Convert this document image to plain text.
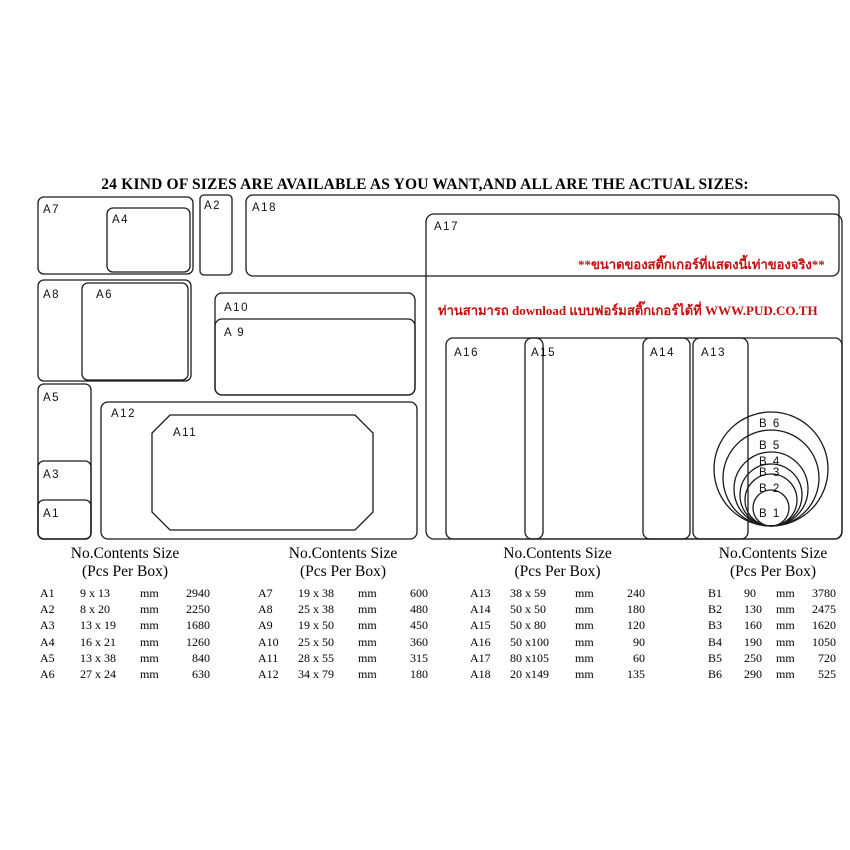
24 KIND OF SIZES ARE AVAILABLE AS YOU WANT,AND ALL ARE THE ACTUAL SIZES:
A7
A4
A2	A18
A17
A8	A6
A10
A 9
A5
A12
A11
A3
A1
A16	A15	A14 A13
B 6
B 5
B 4
B 3
B 2
B 1
**ขนาดของสติ๊กเกอร์ที่แสดงนี้เท่าของจริง**
ท่านสามารถ download แบบฟอร์มสติ๊กเกอร์ได้ที่ WWW.PUD.CO.TH
No.Contents Size
(Pcs Per Box)
A1	9 x 13	mm	2940
A2	8 x 20	mm	2250
A3	13 x 19	mm	1680
A4	16 x 21	mm	1260
A5	13 x 38	mm	840
A6	27 x 24	mm	630
No.Contents Size
(Pcs Per Box)
A7	19 x 38	mm	600
A8	25 x 38	mm	480
A9	19 x 50	mm	450
A10	25 x 50	mm	360
A11	28 x 55	mm	315
A12	34 x 79	mm	180
No.Contents Size
(Pcs Per Box)
A13	38 x 59	mm	240
A14	50 x 50	mm	180
A15	50 x 80	mm	120
A16	50 x100	mm	90
A17	80 x105	mm	60
A18	20 x149	mm	135
No.Contents Size
(Pcs Per Box)
B1	90	mm	3780
B2	130	mm	2475
B3	160	mm	1620
B4	190	mm	1050
B5	250	mm	720
B6	290	mm	525
